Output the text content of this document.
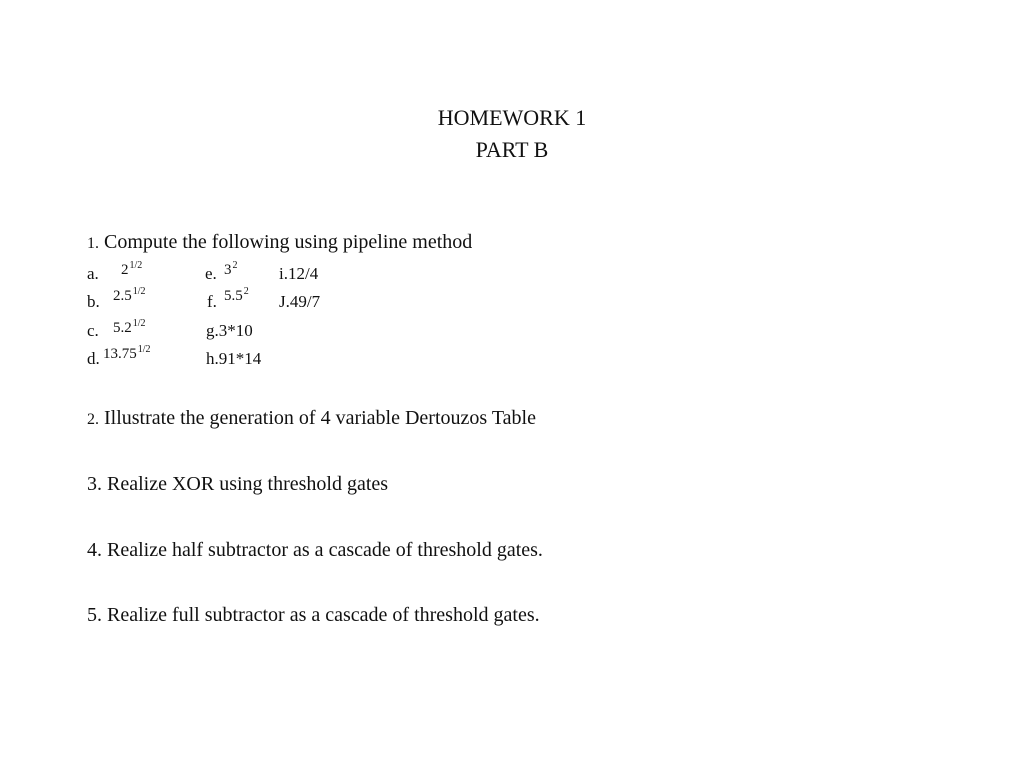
HOMEWORK 1
PART B
1. Compute the following using pipeline method
a. $2^{1/2}$
b. $2.5^{1/2}$
c. $5.2^{1/2}$
d. $13.75^{1/2}$
e. $3^2$
f. $5.5^2$
g.3*10
h.91*14
i.12/4
J.49/7
2. Illustrate the generation of 4 variable Dertouzos Table
3. Realize XOR using threshold gates
4. Realize half subtractor as a cascade of threshold gates.
5. Realize full subtractor as a cascade of threshold gates.
